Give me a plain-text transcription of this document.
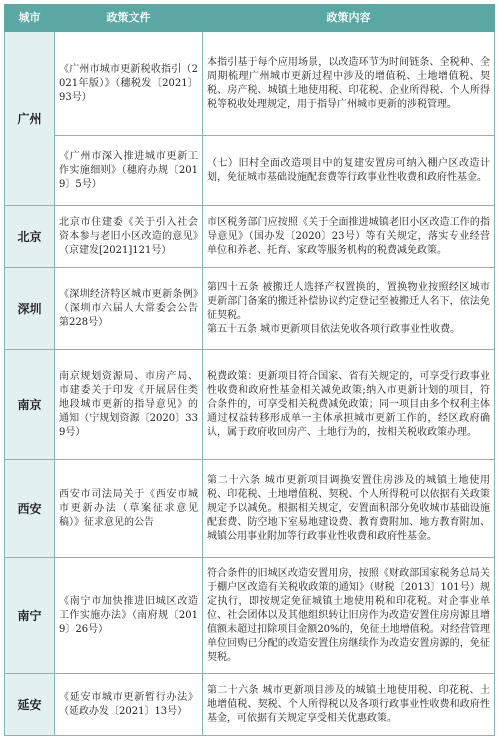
城市	政策文件	政策内容
广州	《广州市城市更新税收指引（2021年版）》（穗税发〔2021〕93号）	本指引基于每个应用场景，以改造环节为时间链条、全税种、全周期梳理广州城市更新过程中涉及的增值税、土地增值税、契税、房产税、城镇土地使用税、印花税、企业所得税、个人所得税等税收处理规定，用于指导广州城市更新的涉税管理。

	《广州市深入推进城市更新工作实施细则》（穗府办规〔2019〕5号）	（七）旧村全面改造项目中的复建安置房可纳入棚户区改造计划，免征城市基础设施配套费等行政事业性收费和政府性基金。

北京	北京市住建委《关于引入社会资本参与老旧小区改造的意见》（京建发[2021]121号）	市区税务部门应按照《关于全面推进城镇老旧小区改造工作的指导意见》（国办发〔2020〕23号）等有关规定，落实专业经营单位和养老、托育、家政等服务机构的税费减免政策。

深圳	《深圳经济特区城市更新条例》（深圳市六届人大常委会公告第228号）	第四十五条 被搬迁人选择产权置换的，置换物业按照经区城市更新部门备案的搬迁补偿协议约定登记至被搬迁人名下，依法免征契税。
第五十五条 城市更新项目依法免收各项行政事业性收费。

南京	南京规划资源局、市房产局、市建委关于印发《开展居住类地段城市更新的指导意见》的通知（宁规划资源〔2020〕339号）	税费政策：更新项目符合国家、省有关规定的，可享受行政事业性收费和政府性基金相关减免政策;纳入市更新计划的项目，符合条件的，可享受相关税费减免政策；同一项目由多个权利主体通过权益转移形成单一主体承担城市更新工作的，经区政府确认，属于政府收回房产、土地行为的，按相关税收政策办理。

西安	西安市司法局关于《西安市城市更新办法（草案征求意见稿）》征求意见的公告	第二十六条 城市更新项目调换安置住房涉及的城镇土地使用税、印花税、土地增值税、契税、个人所得税可以依据有关政策规定予以减免。根据相关规定，安置面积部分免收城市基础设施配套费、防空地下室易地建设费、教育费附加、地方教育附加、城镇公用事业附加等行政事业性收费和政府性基金。

南宁	《南宁市加快推进旧城区改造工作实施办法》（南府规〔2019〕26号）	符合条件的旧城区改造安置用房，按照《财政部国家税务总局关于棚户区改造有关税收政策的通知》（财税〔2013〕101号）规定执行，即按规定免征城镇土地使用税和印花税。对企事业单位、社会团体以及其他组织转让旧房作为改造安置住房房源且增值额未超过扣除项目金额20%的，免征土地增值税。对经营管理单位回购已分配的改造安置住房继续作为改造安置房源的，免征契税。

延安	《延安市城市更新暂行办法》（延政办发〔2021〕13号）	第二十六条 城市更新项目涉及的城镇土地使用税、印花税、土地增值税、契税、个人所得税以及各项行政事业性收费和政府性基金，可依据有关规定享受相关优惠政策。
